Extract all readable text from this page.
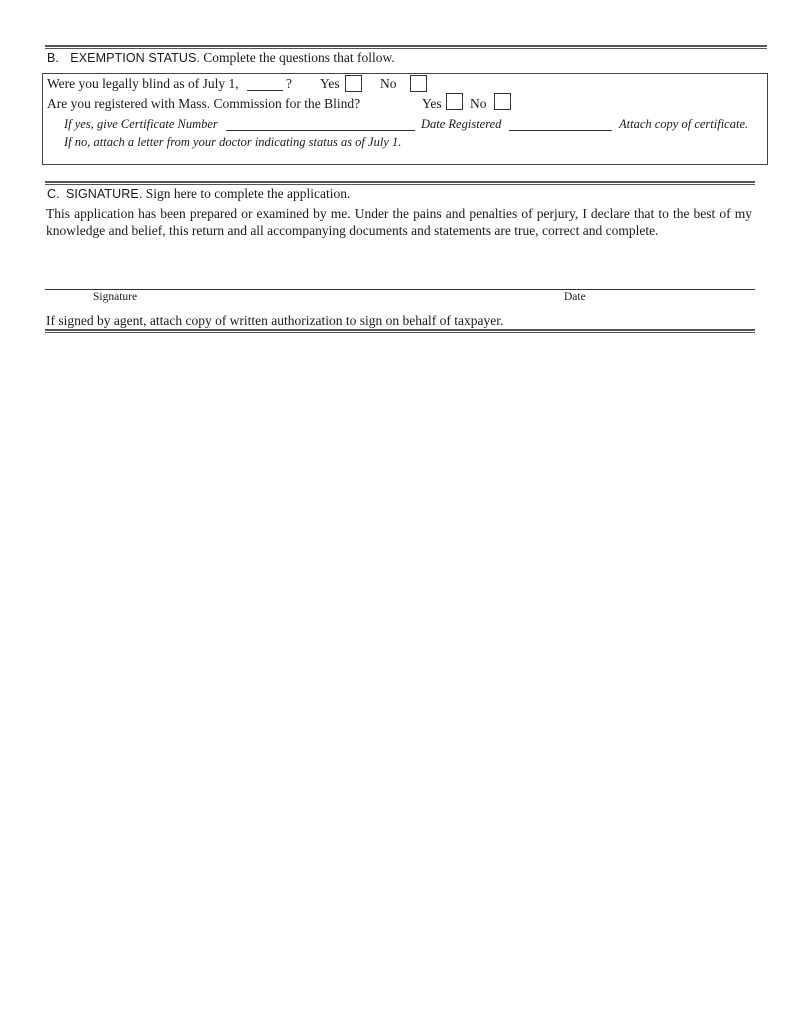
B. EXEMPTION STATUS. Complete the questions that follow.
Were you legally blind as of July 1,	? Yes	No
Are you registered with Mass. Commission for the Blind?	Yes No
If yes, give Certificate Number	Date Registered	Attach copy of certificate.
If no, attach a letter from your doctor indicating status as of July 1.
C. SIGNATURE. Sign here to complete the application.
This application has been prepared or examined by me. Under the pains and penalties of perjury, I declare that to the best of my knowledge and belief, this return and all accompanying documents and statements are true, correct and complete.
Signature	Date
If signed by agent, attach copy of written authorization to sign on behalf of taxpayer.
